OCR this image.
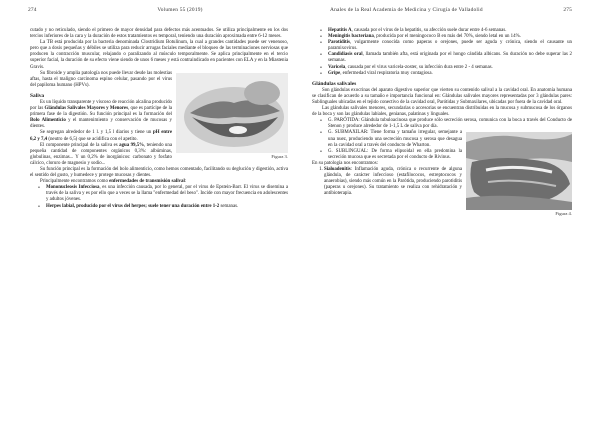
274	Volumen 55 (2019)

cutado y no reticulado, siendo el primero de mayor densidad para defectos más acentuados. Se utiliza principalmente en los dos tercios inferiores de la cara y la duración de estos tratamientos es temporal, teniendo una duración aproximada entre 6-12 meses.

La TB está producida por la bacteria denominada Clostridium Botulinum, la cual a grandes cantidades puede ser venenoso, pero que a dosis pequeñas y débiles se utiliza para reducir arrugas faciales mediante el bloqueo de las terminaciones nerviosas que producen la contracción muscular, relajando o paralizando al músculo temporalmente. Se aplica principalmente en el tercio superior facial, la duración de su efecto viene siendo de unos 6 meses y está contraindicado en pacientes con ELA y en la Miastenia Gravis.

Figura 3.

Su fibroide y amplia patología nos puede llevar desde las molestias aftas, hasta el maligno carcinoma espino celular, pasando por el virus del papiloma humano (HPVs).

Saliva

Es un líquido transparente y viscoso de reacción alcalina producido por las Glándulas Salivales Mayores y Menores, que es partícipe de la primera fase de la digestión. Su función principal es la formación del Bolo Alimenticio y el mantenimiento y conservación de mucosas y dientes.

Se segregan alrededor de 1 l. y 1,5 l diarios y tiene un pH entre 6,2 y 7,4 (neutro de 6,5) que se acidifica con el apetito.

El componente principal de la saliva es agua 99,5%, teniendo una pequeña cantidad de componentes orgánicos 0,3%: albúminas, globulinas, enzimas... Y un 0,2% de inorgánicos: carbonato y fosfato cálcico, cloruro de magnesio y sodio...

Su función principal es la formación del bolo alimenticio, como hemos comentado, facilitando su deglución y digestión, activa el sentido del gusto, y humedece y protege mucosas y dientes.

Principalmente encontramos como enfermedades de transmisión salival:

• Mononucleosis Infecciosa, es una infección causada, por lo general, por el virus de Epstein-Barr. El virus se disemina a través de la saliva y es por ello que a veces se la llama "enfermedad del beso". Incide con mayor frecuencia en adolescentes y adultos jóvenes.
• Herpes labial, producido por el virus del herpes; suele tener una duración entre 1-2 semanas.
Anales de la Real Academia de Medicina y Cirugía de Valladolid	275
• Hepatitis A, causada por el virus de la hepatitis, su afección suele durar entre 4-6 semanas.
• Meningitis bacteriana, producida por el meningococo B en más del 70%, siendo letal en un 14%.
• Parotiditis, vulgarmente conocida como paperas o orejones, puede ser aguda y crónica, siendo el causante un paramixovirus.
• Candidiasis oral, llamada también afta, está originada por el hongo cándida albicans. Su duración no debe superar las 2 semanas.
• Varicela, causada por el virus varicela-zoster, su infección dura entre 2 - 4 semanas.
• Gripe, enfermedad viral respiratoria muy contagiosa.
Glándulas salivales

Son glándulas exocrinas del aparato digestivo superior que vierten su contenido salival a la cavidad oral. En anatomía humana se clasifican de acuerdo a su tamaño e importancia funcional en: Glándulas salivales mayores representadas por 3 glándulas pares: Sublinguales ubicadas en el tejido conectivo de la cavidad oral, Parótidas y Submaxilares, ubicadas por fuera de la cavidad oral.

Las glándulas salivales menores, secundarias o accesorias se encuentran distribuidas en la mucosa y submucosa de los órganos de la boca y son las glándulas labiales, genianas, palatinas y linguales.

• G. PARÓTIDA: Glándula tubuloacinosa que produce sólo secreción serosa, comunica con la boca a través del Conducto de Stenon y produce alrededor de 1-1,5 L de saliva por día.
• Figura 4.
G. SUBMAXILAR: Tiene forma y tamaño irregular, semejante a una nuez, produciendo una secreción mucosa y serosa que desagua en la cavidad oral a través del conducto de Wharton.
• G. SUBLINGUAL: De forma elipsoidal en ella predomina la secreción mucosa que es secretada por el conducto de Rivinus.

En su patología nos encontramos:

1. Sialoadenitis: Inflamación aguda, crónica o recurrente de alguna glándula, de carácter infeccioso (estafilococos, estreptococos y anaerobias), siendo más común en la Parótida, produciendo parotiditis (paperas u orejones). Su tratamiento se realiza con rehidratación y antibioterapia.
